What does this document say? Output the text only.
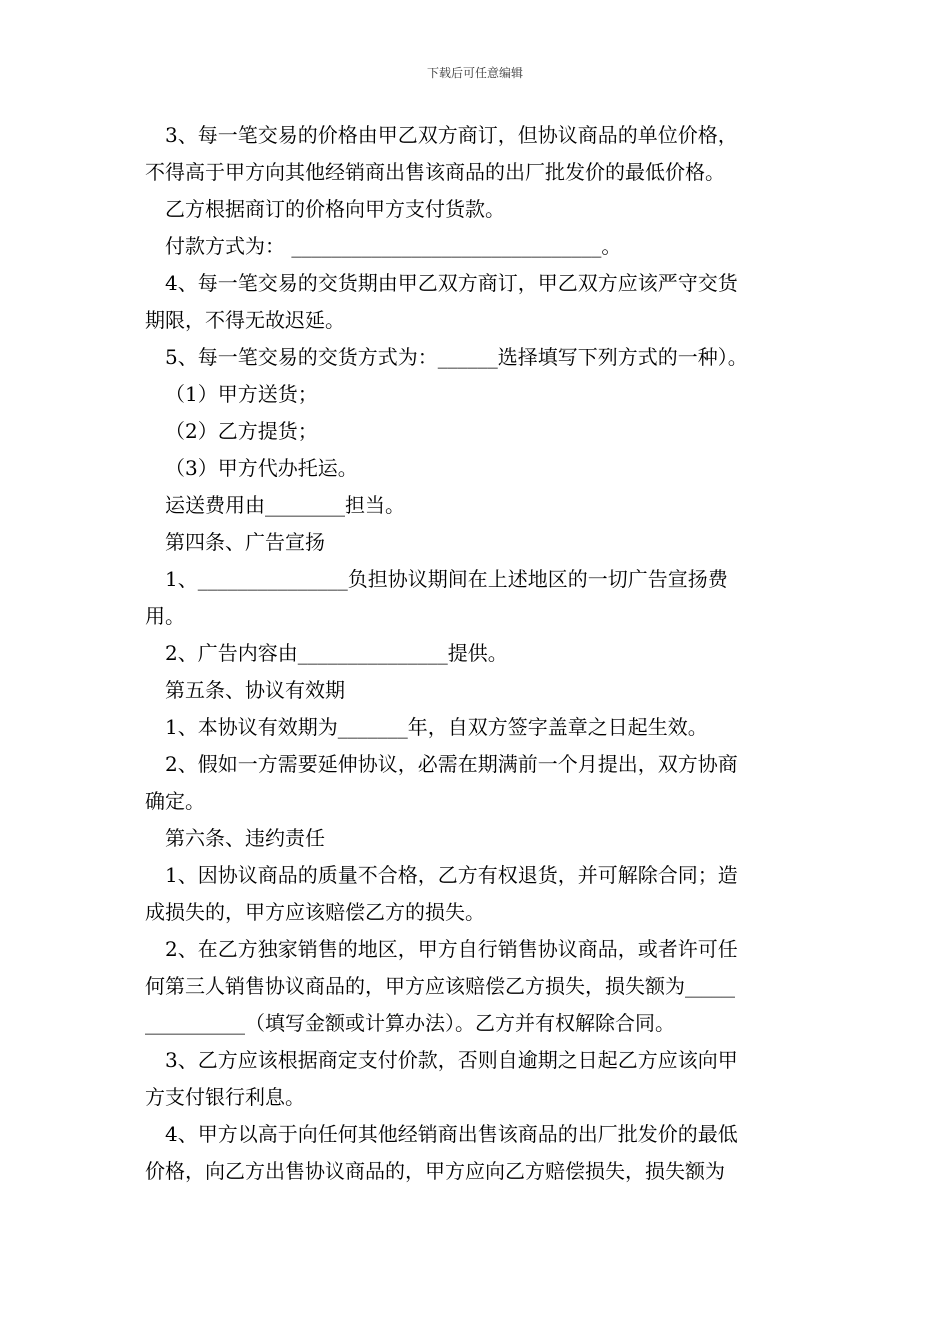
下载后可任意编辑

3、每一笔交易的价格由甲乙双方商订，但协议商品的单位价格，

不得高于甲方向其他经销商出售该商品的出厂批发价的最低价格。

乙方根据商订的价格向甲方支付货款。

付款方式为： _______________________________。

4、每一笔交易的交货期由甲乙双方商订，甲乙双方应该严守交货

期限，不得无故迟延。

5、每一笔交易的交货方式为：______选择填写下列方式的一种）。

（1）甲方送货；

（2）乙方提货；

（3）甲方代办托运。

运送费用由________担当。

第四条、广告宣扬

1、_______________负担协议期间在上述地区的一切广告宣扬费

用。

2、广告内容由_______________提供。

第五条、协议有效期

1、本协议有效期为_______年，自双方签字盖章之日起生效。

2、假如一方需要延伸协议，必需在期满前一个月提出，双方协商

确定。

第六条、违约责任

1、因协议商品的质量不合格，乙方有权退货，并可解除合同；造

成损失的，甲方应该赔偿乙方的损失。

2、在乙方独家销售的地区，甲方自行销售协议商品，或者许可任

何第三人销售协议商品的，甲方应该赔偿乙方损失，损失额为_____

__________（填写金额或计算办法）。乙方并有权解除合同。

3、乙方应该根据商定支付价款，否则自逾期之日起乙方应该向甲

方支付银行利息。

4、甲方以高于向任何其他经销商出售该商品的出厂批发价的最低

价格，向乙方出售协议商品的，甲方应向乙方赔偿损失，损失额为
